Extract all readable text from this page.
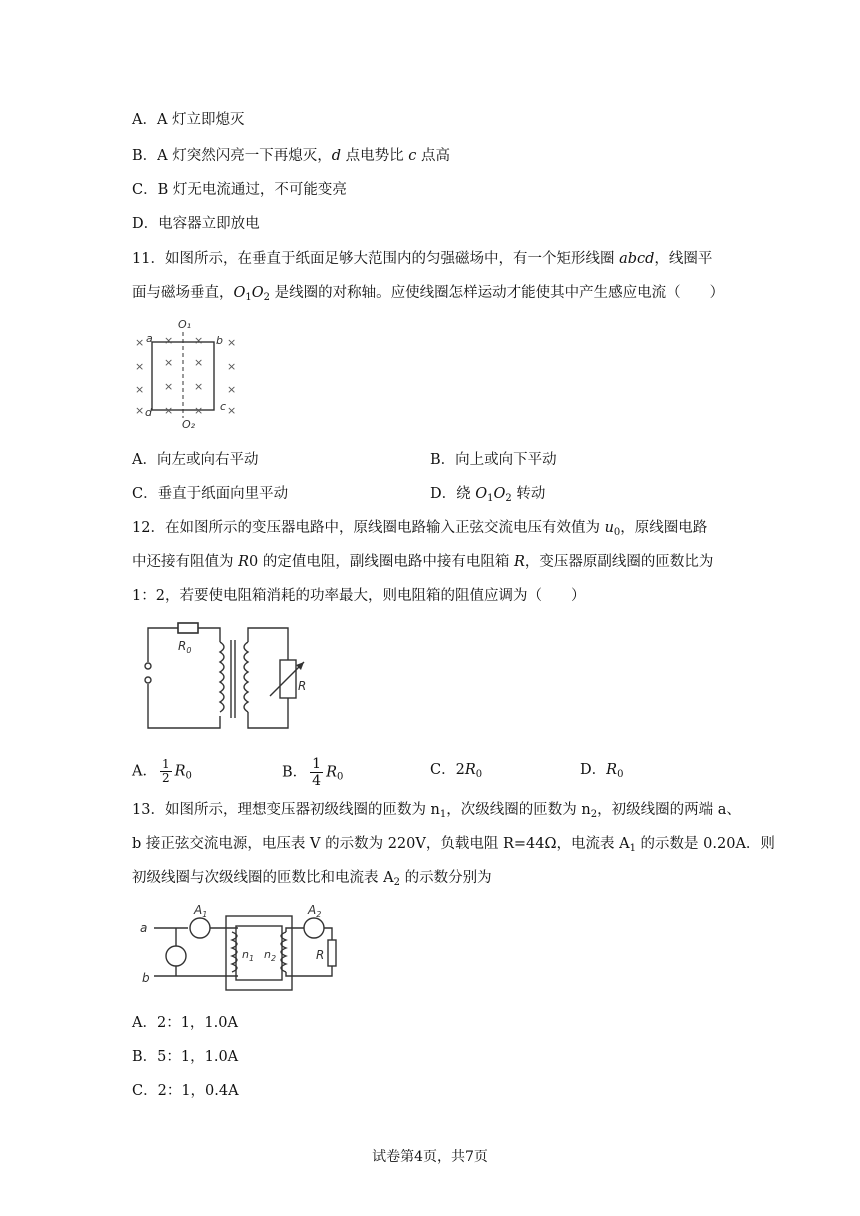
A．A 灯立即熄灭
B．A 灯突然闪亮一下再熄灭，d 点电势比 c 点高
C．B 灯无电流通过，不可能变亮
D．电容器立即放电
11．如图所示，在垂直于纸面足够大范围内的匀强磁场中，有一个矩形线圈 abcd，线圈平
面与磁场垂直，$O_1O_2$ 是线圈的对称轴。应使线圈怎样运动才能使其中产生感应电流（　　）
O₁
O₂
a	b
c
d
×
×
×
×
×
×
×
×
×
×
×
×
×
×
× ×
A．向左或向右平动	B．向上或向下平动
C．垂直于纸面向里平动	D．绕 $O_1O_2$ 转动
12．在如图所示的变压器电路中，原线圈电路输入正弦交流电压有效值为 $u_0$，原线圈电路
中还接有阻值为 R0 的定值电阻，副线圈电路中接有电阻箱 R，变压器原副线圈的匝数比为
1：2，若要使电阻箱消耗的功率最大，则电阻箱的阻值应调为（　　）
$R_0$
R
A． $\frac{1}{2} R_0$	B． $\frac{1}{4} R_0$	C．$2R_0$	D．$R_0$
13．如图所示，理想变压器初级线圈的匝数为 $n_1$，次级线圈的匝数为 $n_2$，初级线圈的两端 a、
b 接正弦交流电源，电压表 V 的示数为 220V，负载电阻 R=44Ω，电流表 $A_1$ 的示数是 0.20A．则
初级线圈与次级线圈的匝数比和电流表 $A_2$ 的示数分别为
a
b
$A_1$	$A_2$
$n_1$ $n_2$	R
A．2：1，1.0A
B．5：1，1.0A
C．2：1，0.4A
试卷第4页，共7页
